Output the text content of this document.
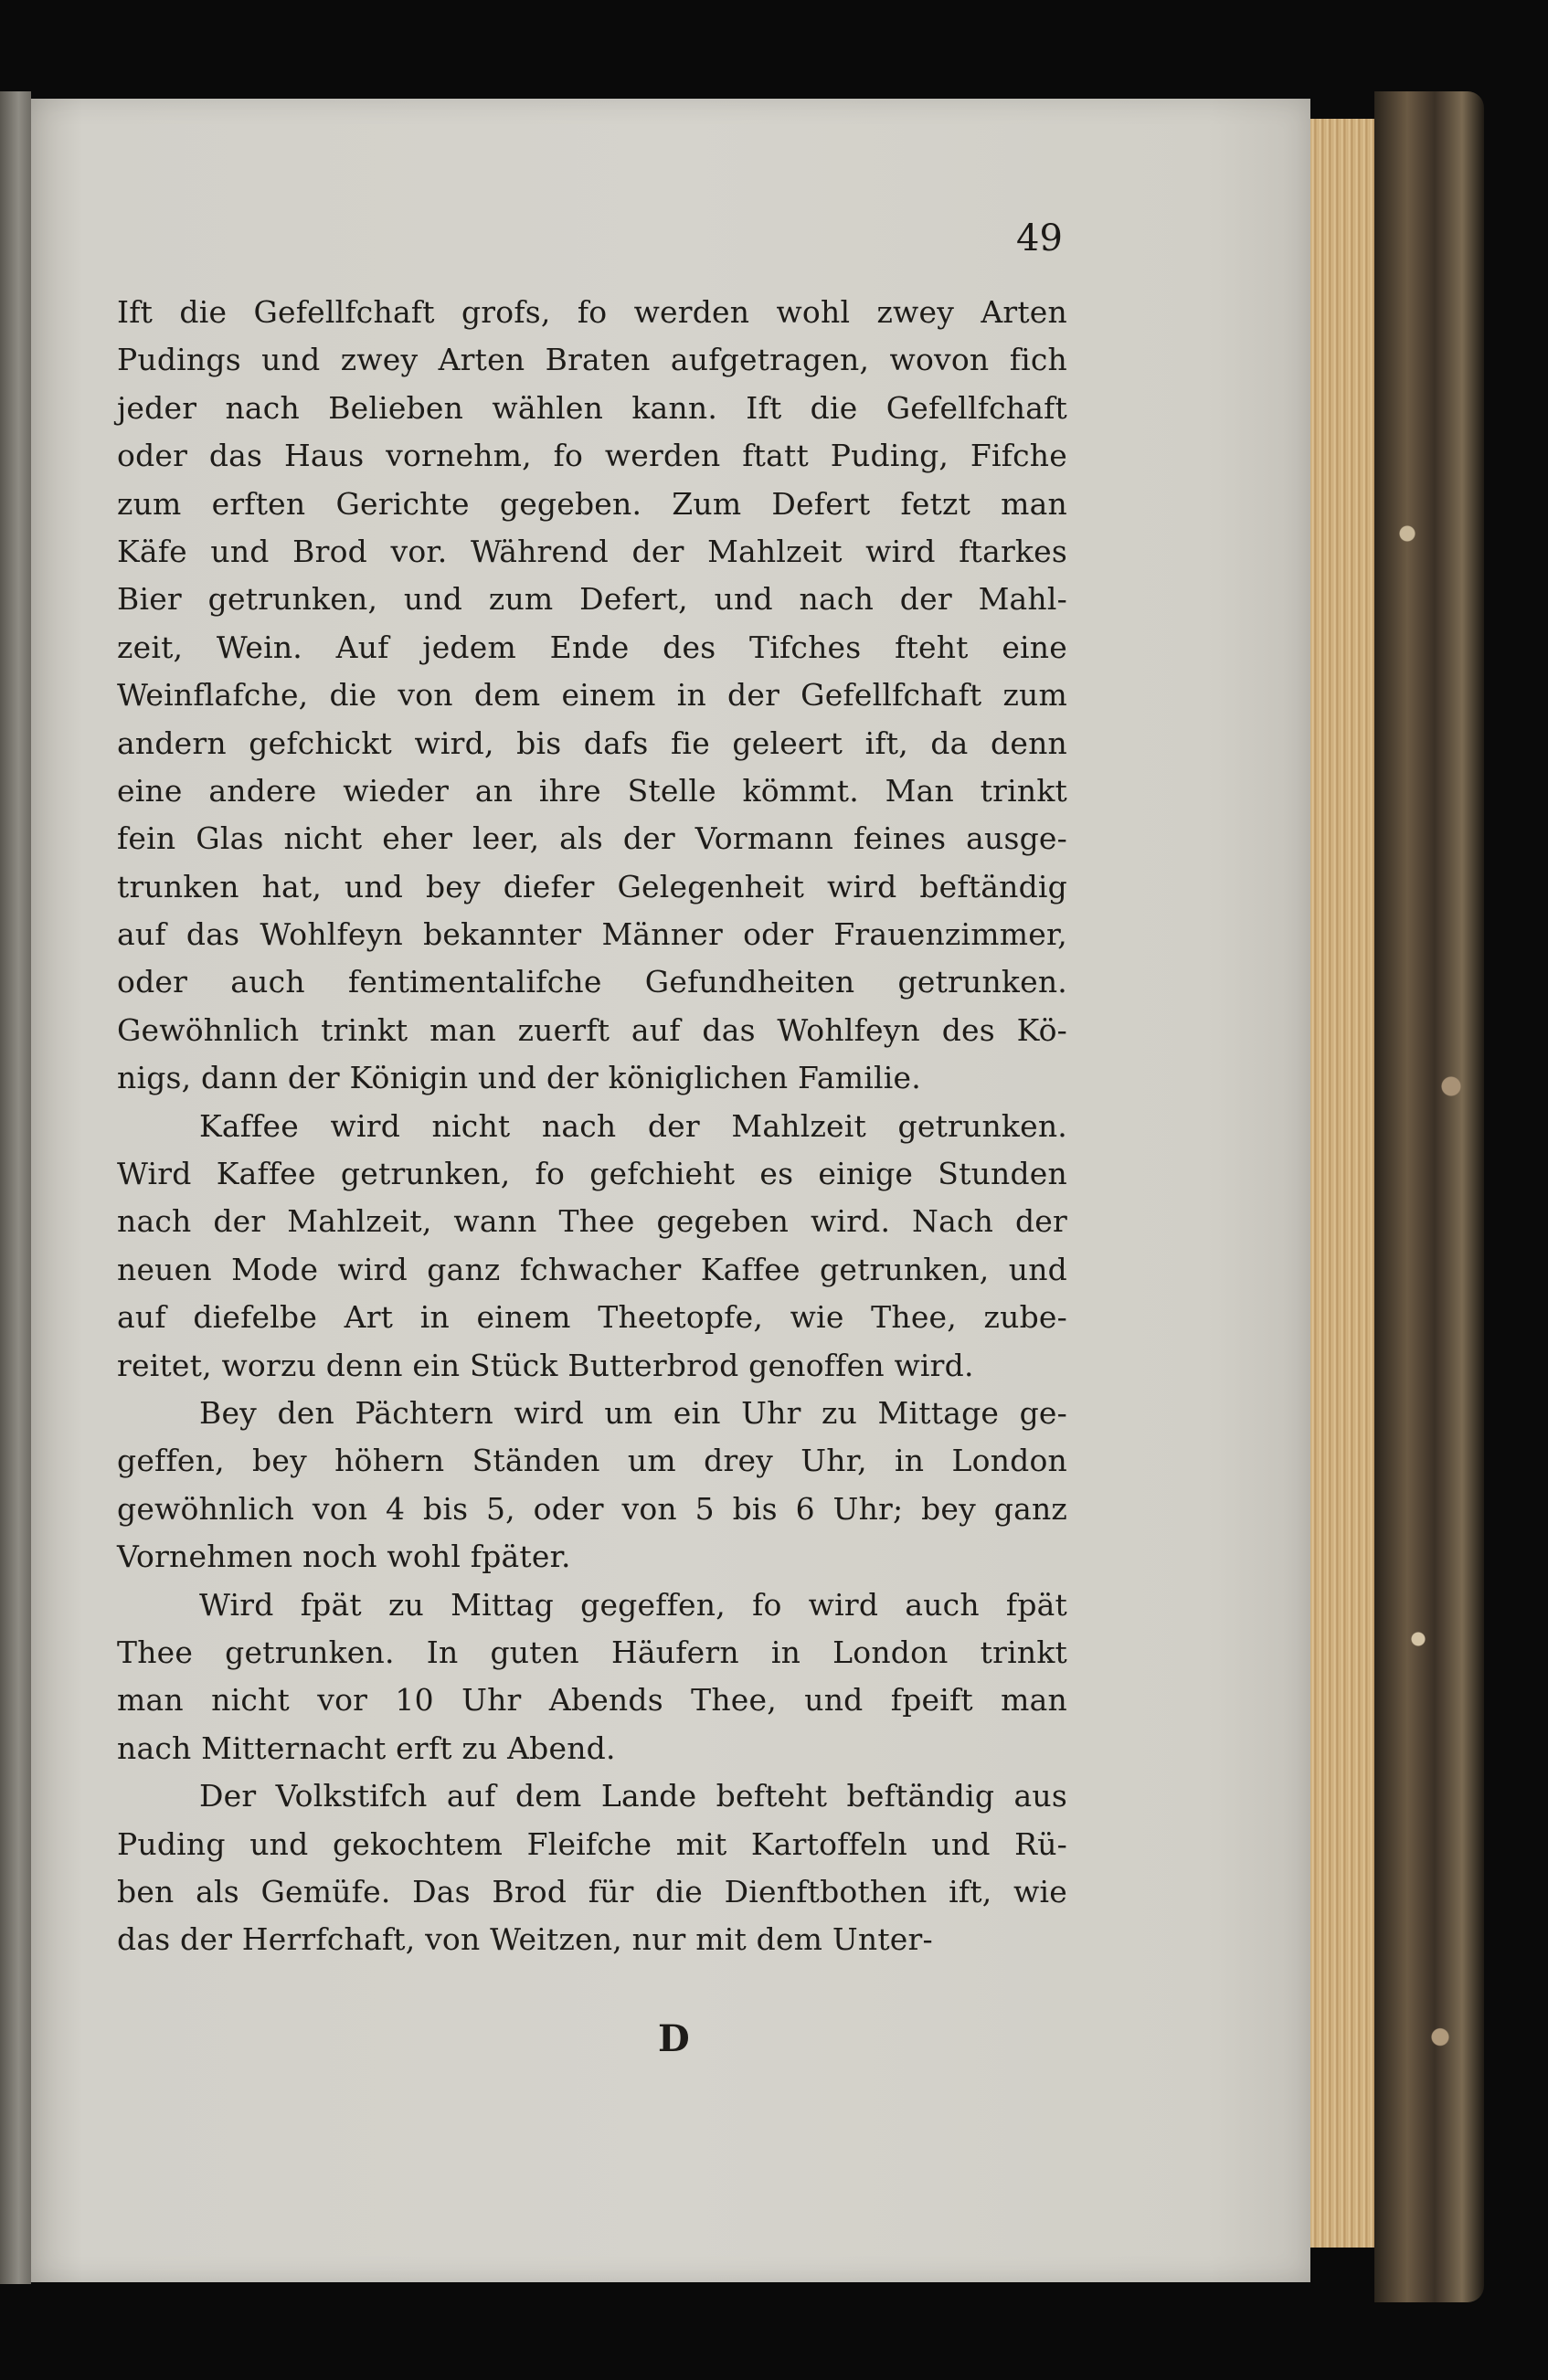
49
Ift die Gefellfchaft grofs, fo werden wohl zwey Arten
Pudings und zwey Arten Braten aufgetragen, wovon fich
jeder nach Belieben wählen kann. Ift die Gefellfchaft
oder das Haus vornehm, fo werden ftatt Puding, Fifche
zum erften Gerichte gegeben. Zum Defert fetzt man
Käfe und Brod vor. Während der Mahlzeit wird ftarkes
Bier getrunken, und zum Defert, und nach der Mahl-
zeit, Wein. Auf jedem Ende des Tifches fteht eine
Weinflafche, die von dem einem in der Gefellfchaft zum
andern gefchickt wird, bis dafs fie geleert ift, da denn
eine andere wieder an ihre Stelle kömmt. Man trinkt
fein Glas nicht eher leer, als der Vormann feines ausge-
trunken hat, und bey diefer Gelegenheit wird beftändig
auf das Wohlfeyn bekannter Männer oder Frauenzimmer,
oder auch fentimentalifche Gefundheiten getrunken.
Gewöhnlich trinkt man zuerft auf das Wohlfeyn des Kö-
nigs, dann der Königin und der königlichen Familie.
Kaffee wird nicht nach der Mahlzeit getrunken.
Wird Kaffee getrunken, fo gefchieht es einige Stunden
nach der Mahlzeit, wann Thee gegeben wird. Nach der
neuen Mode wird ganz fchwacher Kaffee getrunken, und
auf diefelbe Art in einem Theetopfe, wie Thee, zube-
reitet, worzu denn ein Stück Butterbrod genoffen wird.
Bey den Pächtern wird um ein Uhr zu Mittage ge-
geffen, bey höhern Ständen um drey Uhr, in London
gewöhnlich von 4 bis 5, oder von 5 bis 6 Uhr; bey ganz
Vornehmen noch wohl fpäter.
Wird fpät zu Mittag gegeffen, fo wird auch fpät
Thee getrunken. In guten Häufern in London trinkt
man nicht vor 10 Uhr Abends Thee, und fpeift man
nach Mitternacht erft zu Abend.
Der Volkstifch auf dem Lande befteht beftändig aus
Puding und gekochtem Fleifche mit Kartoffeln und Rü-
ben als Gemüfe. Das Brod für die Dienftbothen ift, wie
das der Herrfchaft, von Weitzen, nur mit dem Unter-
D
